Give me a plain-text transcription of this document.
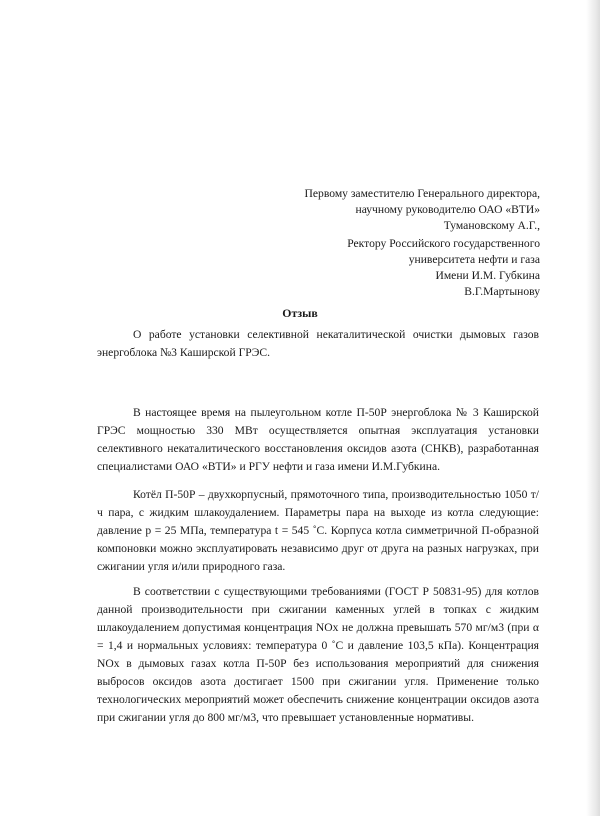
Первому заместителю Генерального директора,
научному руководителю ОАО «ВТИ»
Тумановскому А.Г.,
Ректору Российского государственного
университета нефти и газа
Имени И.М. Губкина
В.Г.Мартынову
Отзыв

О работе установки селективной некаталитической очистки дымовых газов энергоблока №3 Каширской ГРЭС.

В настоящее время на пылеугольном котле П-50Р энергоблока № 3 Каширской ГРЭС мощностью 330 МВт осуществляется опытная эксплуатация установки селективного некаталитического восстановления оксидов азота (СНКВ), разработанная специалистами ОАО «ВТИ» и РГУ нефти и газа имени И.М.Губкина.

Котёл П-50Р – двухкорпусный, прямоточного типа, производительностью 1050 т/ч пара, с жидким шлакоудалением. Параметры пара на выходе из котла следующие: давление p = 25 МПа, температура t = 545 ˚С. Корпуса котла симметричной П-образной компоновки можно эксплуатировать независимо друг от друга на разных нагрузках, при сжигании угля и/или природного газа.

В соответствии с существующими требованиями (ГОСТ Р 50831-95) для котлов данной производительности при сжигании каменных углей в топках с жидким шлакоудалением допустимая концентрация NOx не должна превышать 570 мг/м3 (при α = 1,4 и нормальных условиях: температура 0 ˚С и давление 103,5 кПа). Концентрация NOx в дымовых газах котла П-50Р без использования мероприятий для снижения выбросов оксидов азота достигает 1500 при сжигании угля. Применение только технологических мероприятий может обеспечить снижение концентрации оксидов азота при сжигании угля до 800 мг/м3, что превышает установленные нормативы.
